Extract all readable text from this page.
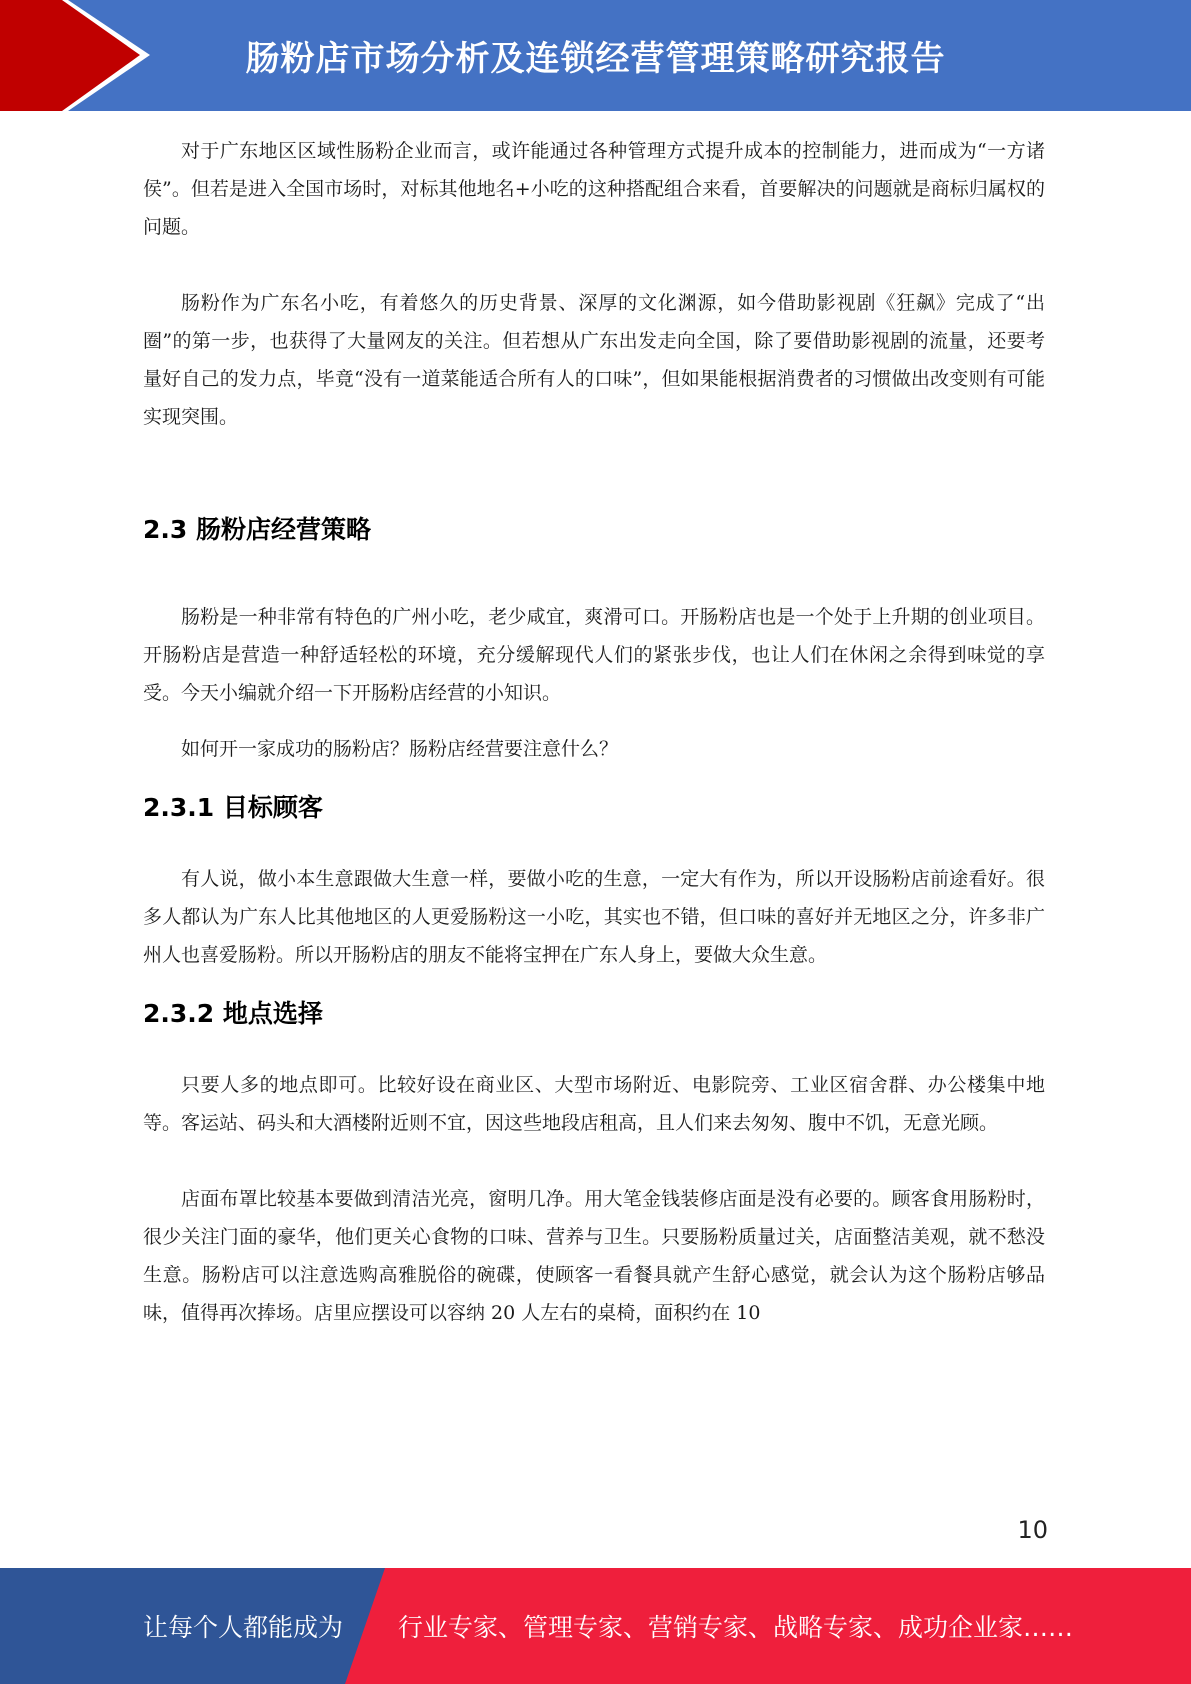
肠粉店市场分析及连锁经营管理策略研究报告

对于广东地区区域性肠粉企业而言，或许能通过各种管理方式提升成本的控制能力，进而成为“一方诸侯”。但若是进入全国市场时，对标其他地名+小吃的这种搭配组合来看，首要解决的问题就是商标归属权的问题。

肠粉作为广东名小吃，有着悠久的历史背景、深厚的文化渊源，如今借助影视剧《狂飙》完成了“出圈”的第一步，也获得了大量网友的关注。但若想从广东出发走向全国，除了要借助影视剧的流量，还要考量好自己的发力点，毕竟“没有一道菜能适合所有人的口味”，但如果能根据消费者的习惯做出改变则有可能实现突围。

2.3 肠粉店经营策略

肠粉是一种非常有特色的广州小吃，老少咸宜，爽滑可口。开肠粉店也是一个处于上升期的创业项目。开肠粉店是营造一种舒适轻松的环境，充分缓解现代人们的紧张步伐，也让人们在休闲之余得到味觉的享受。今天小编就介绍一下开肠粉店经营的小知识。

如何开一家成功的肠粉店？肠粉店经营要注意什么？

2.3.1 目标顾客

有人说，做小本生意跟做大生意一样，要做小吃的生意，一定大有作为，所以开设肠粉店前途看好。很多人都认为广东人比其他地区的人更爱肠粉这一小吃，其实也不错，但口味的喜好并无地区之分，许多非广州人也喜爱肠粉。所以开肠粉店的朋友不能将宝押在广东人身上，要做大众生意。

2.3.2 地点选择

只要人多的地点即可。比较好设在商业区、大型市场附近、电影院旁、工业区宿舍群、办公楼集中地等。客运站、码头和大酒楼附近则不宜，因这些地段店租高，且人们来去匆匆、腹中不饥，无意光顾。

店面布罩比较基本要做到清洁光亮，窗明几净。用大笔金钱装修店面是没有必要的。顾客食用肠粉时，很少关注门面的豪华，他们更关心食物的口味、营养与卫生。只要肠粉质量过关，店面整洁美观，就不愁没生意。肠粉店可以注意选购高雅脱俗的碗碟，使顾客一看餐具就产生舒心感觉，就会认为这个肠粉店够品味，值得再次捧场。店里应摆设可以容纳 20 人左右的桌椅，面积约在 10

10
让每个人都能成为 行业专家、管理专家、营销专家、战略专家、成功企业家……
